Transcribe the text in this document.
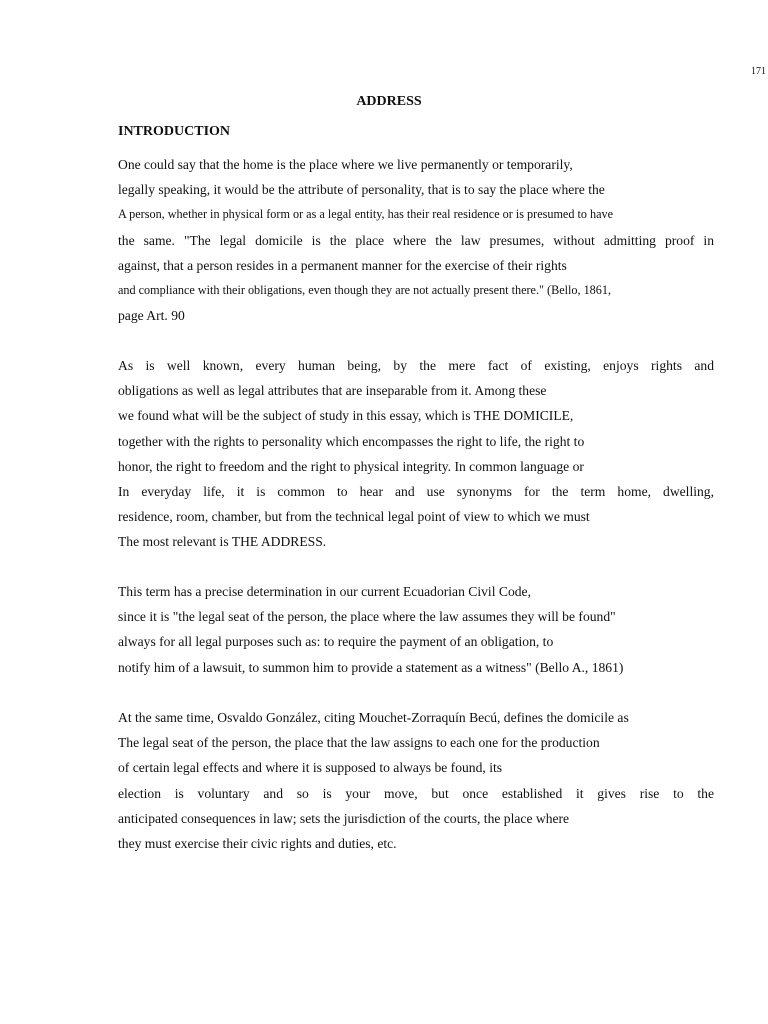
171
ADDRESS
INTRODUCTION
One could say that the home is the place where we live permanently or temporarily,
legally speaking, it would be the attribute of personality, that is to say the place where the
A person, whether in physical form or as a legal entity, has their real residence or is presumed to have
the same. "The legal domicile is the place where the law presumes, without admitting proof in
against, that a person resides in a permanent manner for the exercise of their rights
and compliance with their obligations, even though they are not actually present there." (Bello, 1861,
page Art. 90
As is well known, every human being, by the mere fact of existing, enjoys rights and
obligations as well as legal attributes that are inseparable from it. Among these
we found what will be the subject of study in this essay, which is THE DOMICILE,
together with the rights to personality which encompasses the right to life, the right to
honor, the right to freedom and the right to physical integrity. In common language or
In everyday life, it is common to hear and use synonyms for the term home, dwelling,
residence, room, chamber, but from the technical legal point of view to which we must
The most relevant is THE ADDRESS.
This term has a precise determination in our current Ecuadorian Civil Code,
since it is "the legal seat of the person, the place where the law assumes they will be found"
always for all legal purposes such as: to require the payment of an obligation, to
notify him of a lawsuit, to summon him to provide a statement as a witness" (Bello A., 1861)
At the same time, Osvaldo González, citing Mouchet-Zorraquín Becú, defines the domicile as
The legal seat of the person, the place that the law assigns to each one for the production
of certain legal effects and where it is supposed to always be found, its
election is voluntary and so is your move, but once established it gives rise to the
anticipated consequences in law; sets the jurisdiction of the courts, the place where
they must exercise their civic rights and duties, etc.
